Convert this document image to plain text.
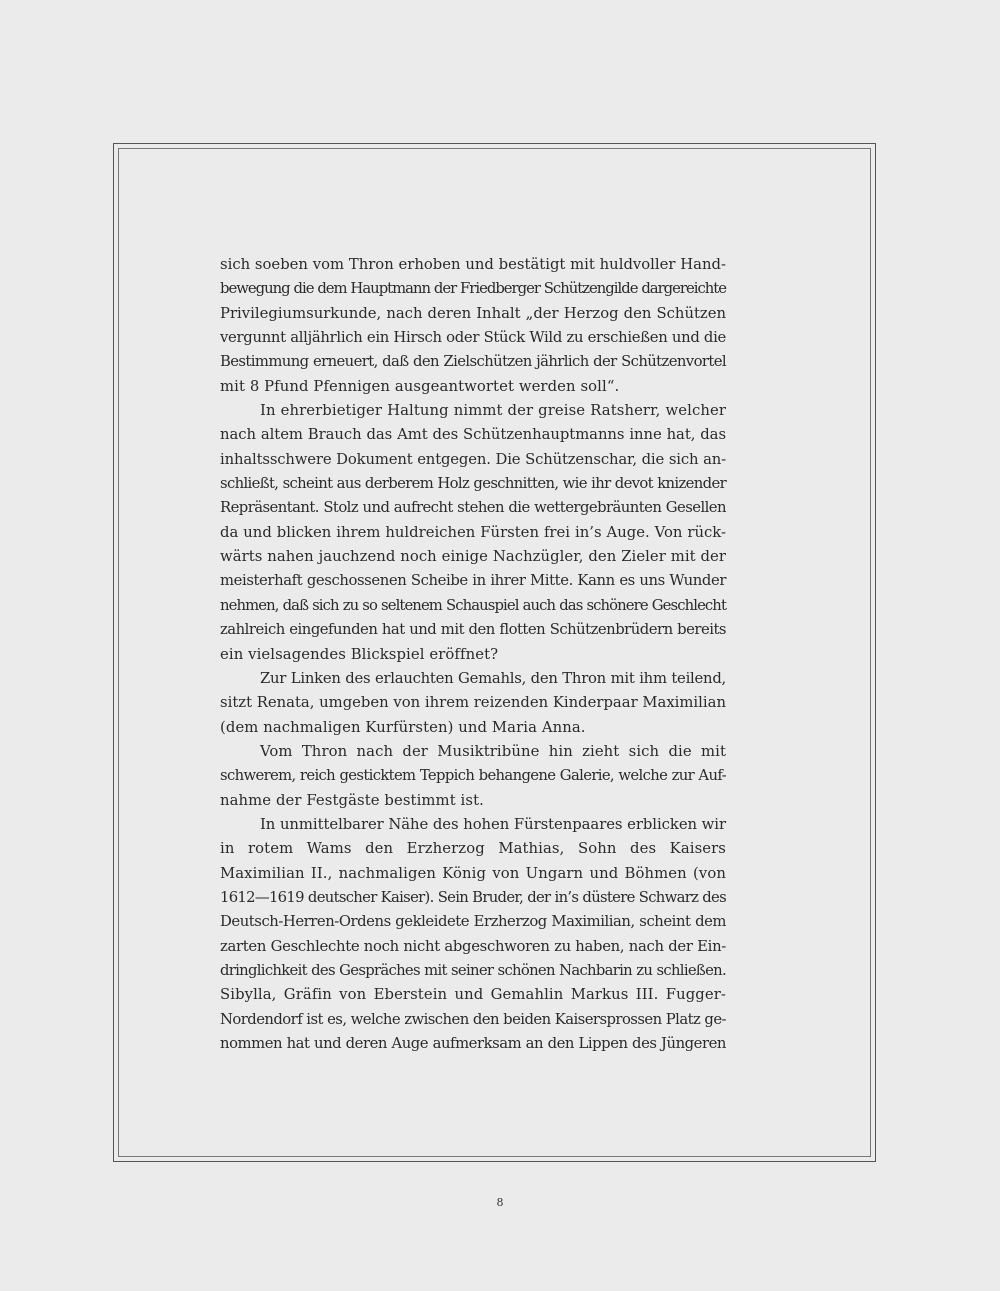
sich soeben vom Thron erhoben und bestätigt mit huldvoller Hand-

bewegung die dem Hauptmann der Friedberger Schützengilde dargereichte

Privilegiumsurkunde, nach deren Inhalt „der Herzog den Schützen

vergunnt alljährlich ein Hirsch oder Stück Wild zu erschießen und die

Bestimmung erneuert, daß den Zielschützen jährlich der Schützenvortel

mit 8 Pfund Pfennigen ausgeantwortet werden soll“.

In ehrerbietiger Haltung nimmt der greise Ratsherr, welcher

nach altem Brauch das Amt des Schützenhauptmanns inne hat, das

inhaltsschwere Dokument entgegen. Die Schützenschar, die sich an-

schließt, scheint aus derberem Holz geschnitten, wie ihr devot knizender

Repräsentant. Stolz und aufrecht stehen die wettergebräunten Gesellen

da und blicken ihrem huldreichen Fürsten frei in’s Auge. Von rück-

wärts nahen jauchzend noch einige Nachzügler, den Zieler mit der

meisterhaft geschossenen Scheibe in ihrer Mitte. Kann es uns Wunder

nehmen, daß sich zu so seltenem Schauspiel auch das schönere Geschlecht

zahlreich eingefunden hat und mit den flotten Schützenbrüdern bereits

ein vielsagendes Blickspiel eröffnet?

Zur Linken des erlauchten Gemahls, den Thron mit ihm teilend,

sitzt Renata, umgeben von ihrem reizenden Kinderpaar Maximilian

(dem nachmaligen Kurfürsten) und Maria Anna.

Vom Thron nach der Musiktribüne hin zieht sich die mit

schwerem, reich gesticktem Teppich behangene Galerie, welche zur Auf-

nahme der Festgäste bestimmt ist.

In unmittelbarer Nähe des hohen Fürstenpaares erblicken wir

in rotem Wams den Erzherzog Mathias, Sohn des Kaisers

Maximilian II., nachmaligen König von Ungarn und Böhmen (von

1612—1619 deutscher Kaiser). Sein Bruder, der in’s düstere Schwarz des

Deutsch-Herren-Ordens gekleidete Erzherzog Maximilian, scheint dem

zarten Geschlechte noch nicht abgeschworen zu haben, nach der Ein-

dringlichkeit des Gespräches mit seiner schönen Nachbarin zu schließen.

Sibylla, Gräfin von Eberstein und Gemahlin Markus III. Fugger-

Nordendorf ist es, welche zwischen den beiden Kaisersprossen Platz ge-

nommen hat und deren Auge aufmerksam an den Lippen des Jüngeren

8
